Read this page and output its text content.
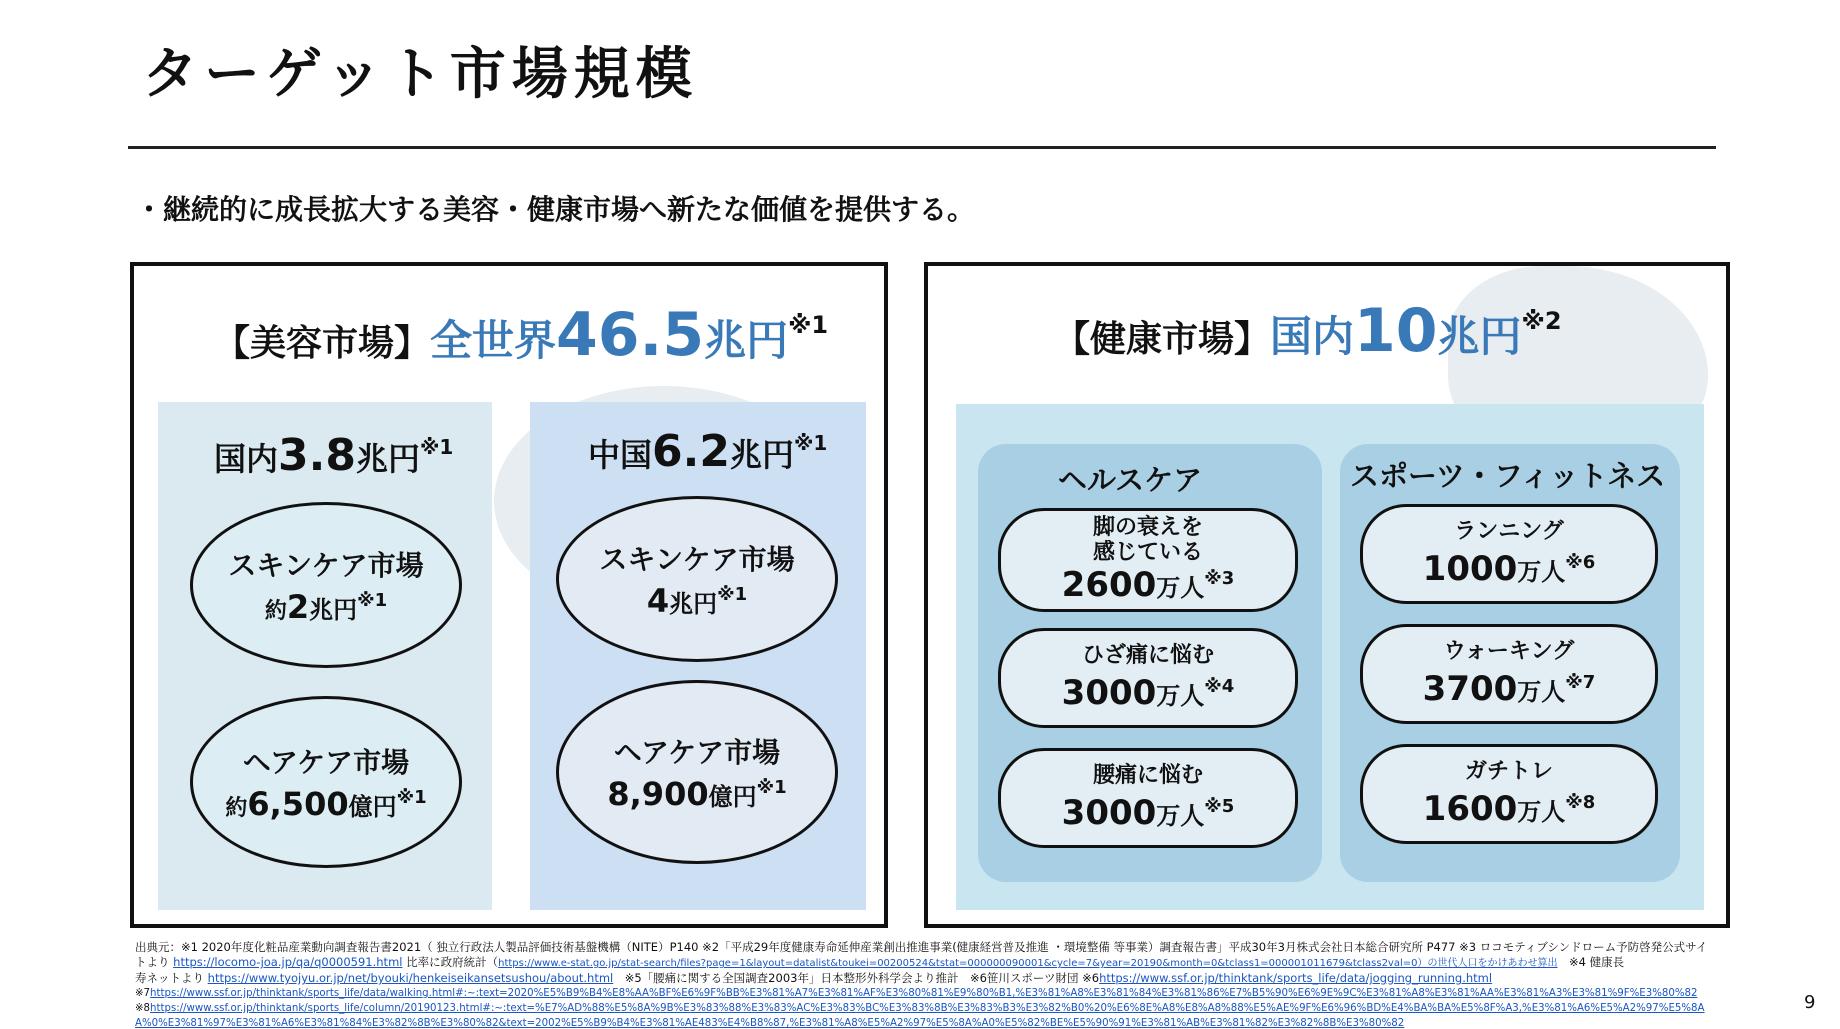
ターゲット市場規模
・継続的に成長拡大する美容・健康市場へ新たな価値を提供する。
【美容市場】 全世界 46.5 兆円 ※1
国内 3.8 兆円 ※1
スキンケア市場
約 2 兆円 ※1
ヘアケア市場
約 6,500 億円 ※1
中国 6.2 兆円 ※1
スキンケア市場
4 兆円 ※1
ヘアケア市場
8,900 億円 ※1
【健康市場】 国内 10 兆円 ※2
ヘルスケア
脚の衰えを
感じている
2600 万人 ※3
ひざ痛に悩む
3000 万人 ※4
腰痛に悩む
3000 万人 ※5
スポーツ・フィットネス
ランニング
1000 万人 ※6
ウォーキング
3700 万人 ※7
ガチトレ
1600 万人 ※8
出典元：※1 2020年度化粧品産業動向調査報告書2021（ 独立行政法人製品評価技術基盤機構（NITE）P140 ※2「平成29年度健康寿命延伸産業創出推進事業(健康経営普及推進 ・環境整備 等事業）調査報告書」平成30年3月株式会社日本総合研究所 P477 ※3 ロコモティブシンドローム予防啓発公式サイ
トより https://locomo-joa.jp/qa/q0000591.html 比率に政府統計（https://www.e-stat.go.jp/stat-search/files?page=1&layout=datalist&toukei=00200524&tstat=000000090001&cycle=7&year=20190&month=0&tclass1=000001011679&tclass2val=0）の世代人口をかけあわせ算出　※4 健康長
寿ネットより https://www.tyojyu.or.jp/net/byouki/henkeiseikansetsushou/about.html　※5「腰痛に関する全国調査2003年」日本整形外科学会より推計　※6笹川スポーツ財団 ※6https://www.ssf.or.jp/thinktank/sports_life/data/jogging_running.html
※7https://www.ssf.or.jp/thinktank/sports_life/data/walking.html#:~:text=2020%E5%B9%B4%E8%AA%BF%E6%9F%BB%E3%81%A7%E3%81%AF%E3%80%81%E9%80%B1,%E3%81%A8%E3%81%84%E3%81%86%E7%B5%90%E6%9E%9C%E3%81%A8%E3%81%AA%E3%81%A3%E3%81%9F%E3%80%82
※8https://www.ssf.or.jp/thinktank/sports_life/column/20190123.html#:~:text=%E7%AD%88%E5%8A%9B%E3%83%88%E3%83%AC%E3%83%BC%E3%83%8B%E3%83%B3%E3%82%B0%20%E6%8E%A8%E8%A8%88%E5%AE%9F%E6%96%BD%E4%BA%BA%E5%8F%A3,%E3%81%A6%E5%A2%97%E5%8A
A%0%E3%81%97%E3%81%A6%E3%81%84%E3%82%8B%E3%80%82&text=2002%E5%B9%B4%E3%81%AE483%E4%B8%87,%E3%81%A8%E5%A2%97%E5%8A%A0%E5%82%BE%E5%90%91%E3%81%AB%E3%81%82%E3%82%8B%E3%80%82
9
